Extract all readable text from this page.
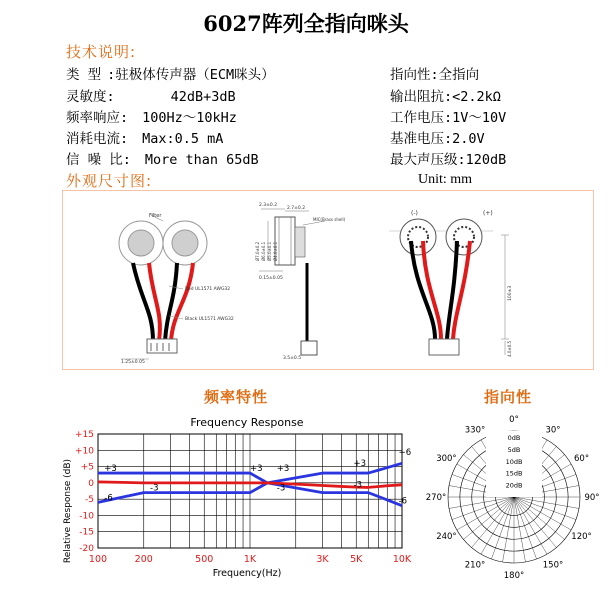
6027阵列全指向咪头
技术说明:
类 型 :驻极体传声器（ECM咪头）
灵敏度:	42dB+3dB
频率响应: 100Hz～10kHz
消耗电流: Max:0.5 mA
信 噪 比: More than 65dB
指向性:全指向
输出阻抗:<2.2kΩ
工作电压:1V～10V
基准电压:2.0V
最大声压级:120dB
外观尺寸图:	Unit: mm
Filter
Red UL1571 AWG32
Black UL1571 AWG32
1.25±0.05
2.3±0.2
2.7±0.2
MIC(Brass shell)
Ø7.0±0.2 Ø6.0±0.1 Ø5.0±0.1 Ø4.0±0.1
0.15±0.05
3.5±0.5
(-)	(+)
100±3
4.0±0.5
频率特性	指向性
Frequency Response
+15
+10
+5
0
-5
-10
-15
-20
100	200	500	1K	3K 5K	10K
+3
-3
-6
+3 +3
-3
+3
-3
+6
-6
Relative Response (dB)
Frequency(Hz)
0°
30°
60°
90°
120°
150°
180°
210°
240°
270°
300°
330°
0dB
5dB
10dB
15dB
20dB
